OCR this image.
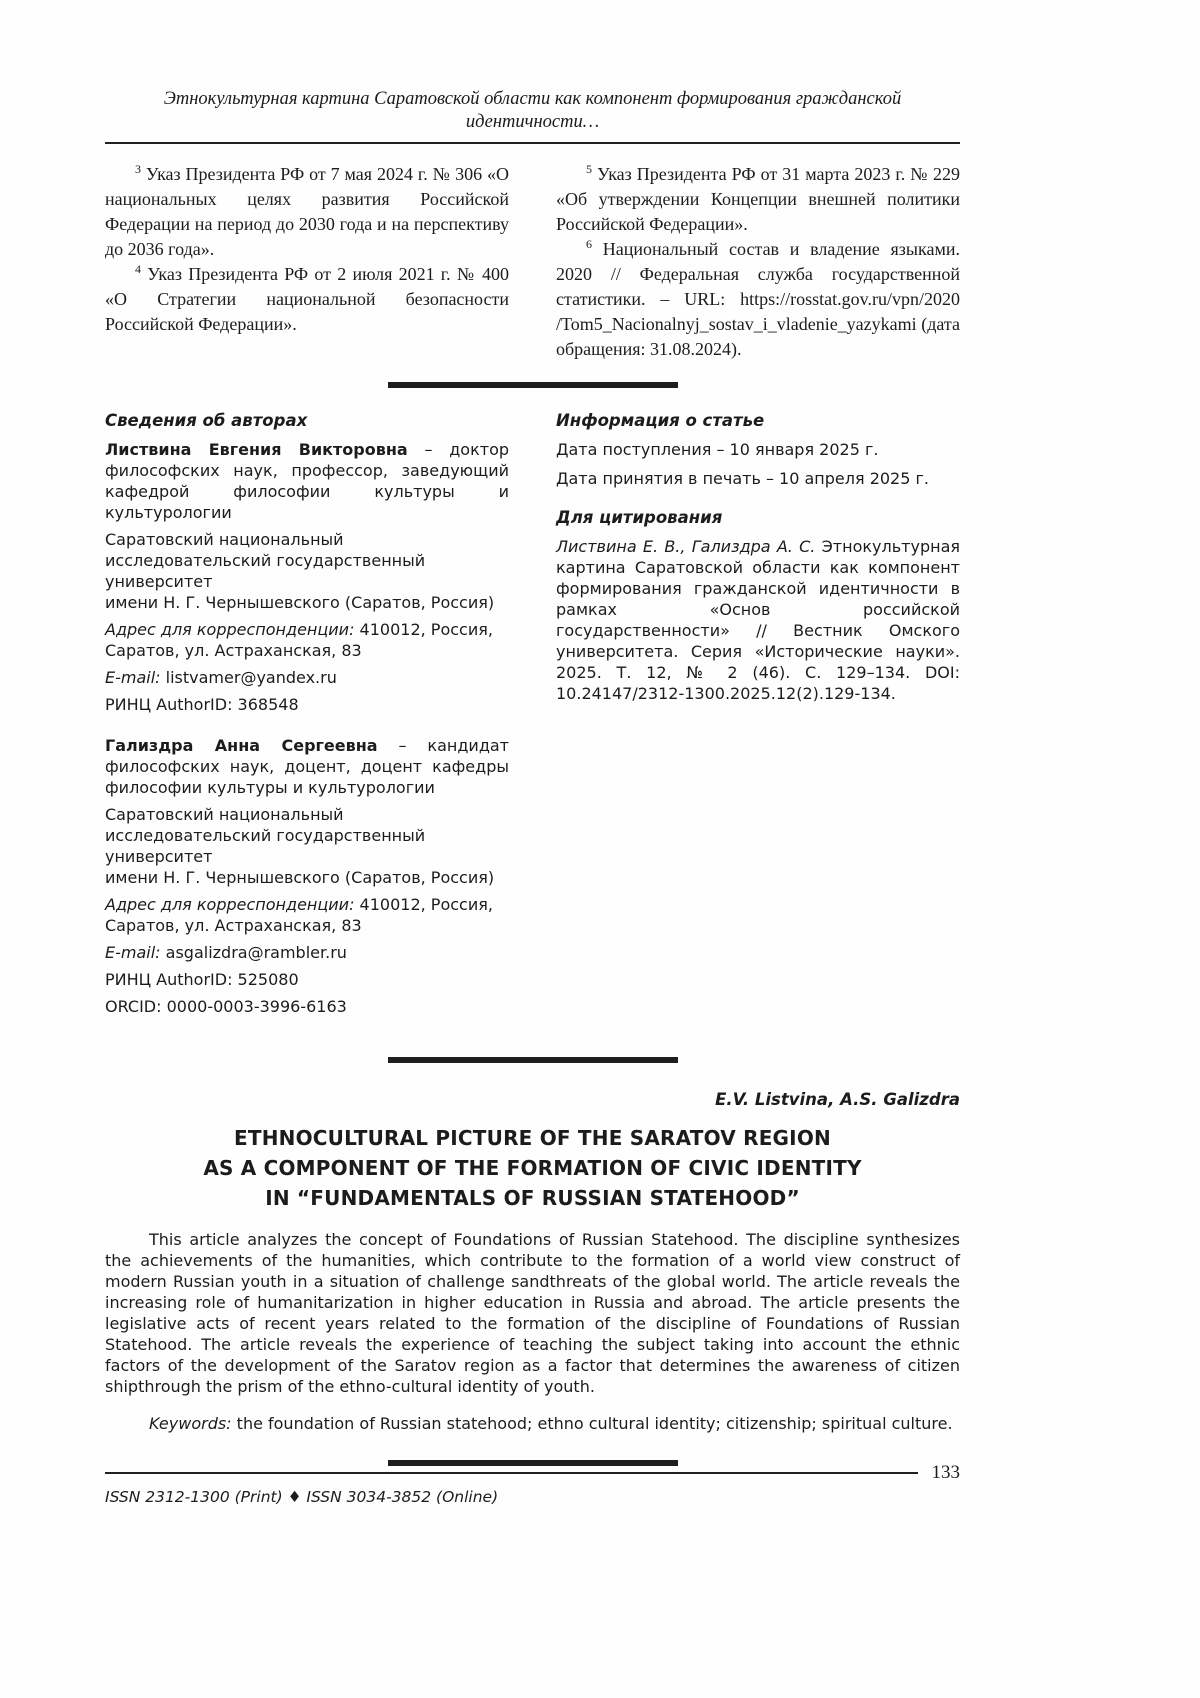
Этнокультурная картина Саратовской области как компонент формирования гражданской идентичности…

$^3$ Указ Президента РФ от 7 мая 2024 г. № 306 «О национальных целях развития Российской Федерации на период до 2030 года и на перспективу до 2036 года».

$^4$ Указ Президента РФ от 2 июля 2021 г. № 400 «О Стратегии национальной безопасности Российской Федерации».

$^5$ Указ Президента РФ от 31 марта 2023 г. № 229 «Об утверждении Концепции внешней политики Российской Федерации».

$^6$ Национальный состав и владение языками. 2020 // Федеральная служба государственной статистики. – URL: https://rosstat.gov.ru/vpn/2020 /Tom5_Nacionalnyj_sostav_i_vladenie_yazykami (дата обращения: 31.08.2024).

Сведения об авторах

Листвина Евгения Викторовна – доктор философских наук, профессор, заведующий кафедрой философии культуры и культурологии

Саратовский национальный исследовательский государственный университет
имени Н. Г. Чернышевского (Саратов, Россия)

Адрес для корреспонденции: 410012, Россия, Саратов, ул. Астраханская, 83

E-mail: listvamer@yandex.ru

РИНЦ AuthorID: 368548

Гализдра Анна Сергеевна – кандидат философских наук, доцент, доцент кафедры философии культуры и культурологии

Саратовский национальный исследовательский государственный университет
имени Н. Г. Чернышевского (Саратов, Россия)

Адрес для корреспонденции: 410012, Россия, Саратов, ул. Астраханская, 83

E-mail: asgalizdra@rambler.ru

РИНЦ AuthorID: 525080

ORCID: 0000-0003-3996-6163

Информация о статье

Дата поступления – 10 января 2025 г.

Дата принятия в печать – 10 апреля 2025 г.

Для цитирования

Листвина Е. В., Гализдра А. С. Этнокультурная картина Саратовской области как компонент формирования гражданской идентичности в рамках «Основ российской государственности» // Вестник Омского университета. Серия «Исторические науки». 2025. Т. 12, № 2 (46). С. 129–134. DOI: 10.24147/2312-1300.2025.12(2).129-134.

E.V. Listvina, A.S. Galizdra

ETHNOCULTURAL PICTURE OF THE SARATOV REGION
AS A COMPONENT OF THE FORMATION OF CIVIC IDENTITY
IN “FUNDAMENTALS OF RUSSIAN STATEHOOD”

This article analyzes the concept of Foundations of Russian Statehood. The discipline synthesizes the achievements of the humanities, which contribute to the formation of a world view construct of modern Russian youth in a situation of challenge sandthreats of the global world. The article reveals the increasing role of humanitarization in higher education in Russia and abroad. The article presents the legislative acts of recent years related to the formation of the discipline of Foundations of Russian Statehood. The article reveals the experience of teaching the subject taking into account the ethnic factors of the development of the Saratov region as a factor that determines the awareness of citizen shipthrough the prism of the ethno-cultural identity of youth.

Keywords: the foundation of Russian statehood; ethno cultural identity; citizenship; spiritual culture.

133
ISSN 2312-1300 (Print) ♦ ISSN 3034-3852 (Online)
